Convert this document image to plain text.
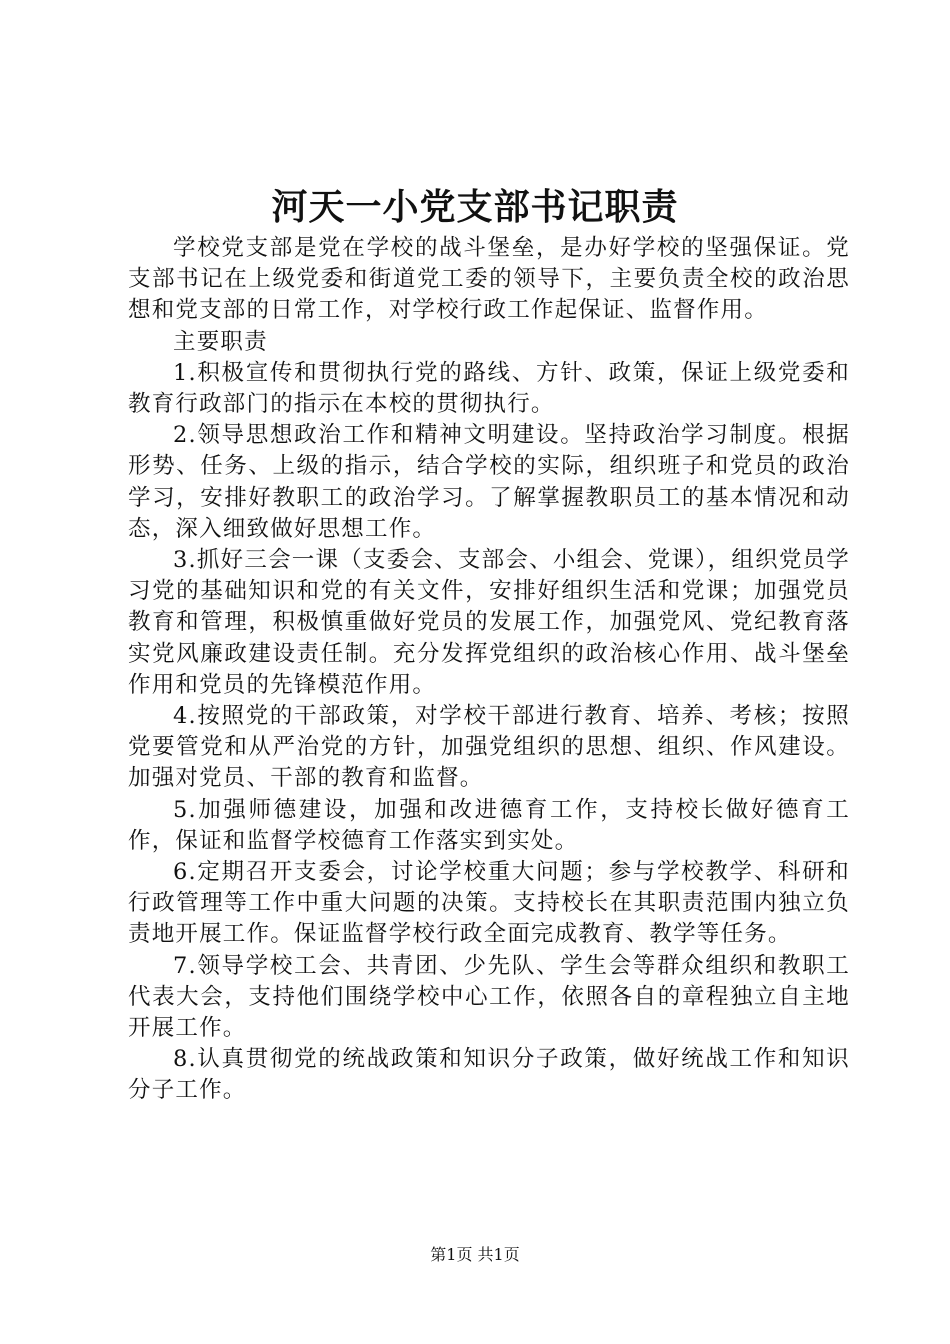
河天一小党支部书记职责

学校党支部是党在学校的战斗堡垒，是办好学校的坚强保证。党支部书记在上级党委和街道党工委的领导下，主要负责全校的政治思想和党支部的日常工作，对学校行政工作起保证、监督作用。

主要职责

1.积极宣传和贯彻执行党的路线、方针、政策，保证上级党委和教育行政部门的指示在本校的贯彻执行。

2.领导思想政治工作和精神文明建设。坚持政治学习制度。根据形势、任务、上级的指示，结合学校的实际，组织班子和党员的政治学习，安排好教职工的政治学习。了解掌握教职员工的基本情况和动态，深入细致做好思想工作。

3.抓好三会一课（支委会、支部会、小组会、党课），组织党员学习党的基础知识和党的有关文件，安排好组织生活和党课；加强党员教育和管理，积极慎重做好党员的发展工作，加强党风、党纪教育落实党风廉政建设责任制。充分发挥党组织的政治核心作用、战斗堡垒作用和党员的先锋模范作用。

4.按照党的干部政策，对学校干部进行教育、培养、考核；按照党要管党和从严治党的方针，加强党组织的思想、组织、作风建设。加强对党员、干部的教育和监督。

5.加强师德建设，加强和改进德育工作，支持校长做好德育工作，保证和监督学校德育工作落实到实处。

6.定期召开支委会，讨论学校重大问题；参与学校教学、科研和行政管理等工作中重大问题的决策。支持校长在其职责范围内独立负责地开展工作。保证监督学校行政全面完成教育、教学等任务。

7.领导学校工会、共青团、少先队、学生会等群众组织和教职工代表大会，支持他们围绕学校中心工作，依照各自的章程独立自主地开展工作。

8.认真贯彻党的统战政策和知识分子政策，做好统战工作和知识分子工作。

第1页 共1页
